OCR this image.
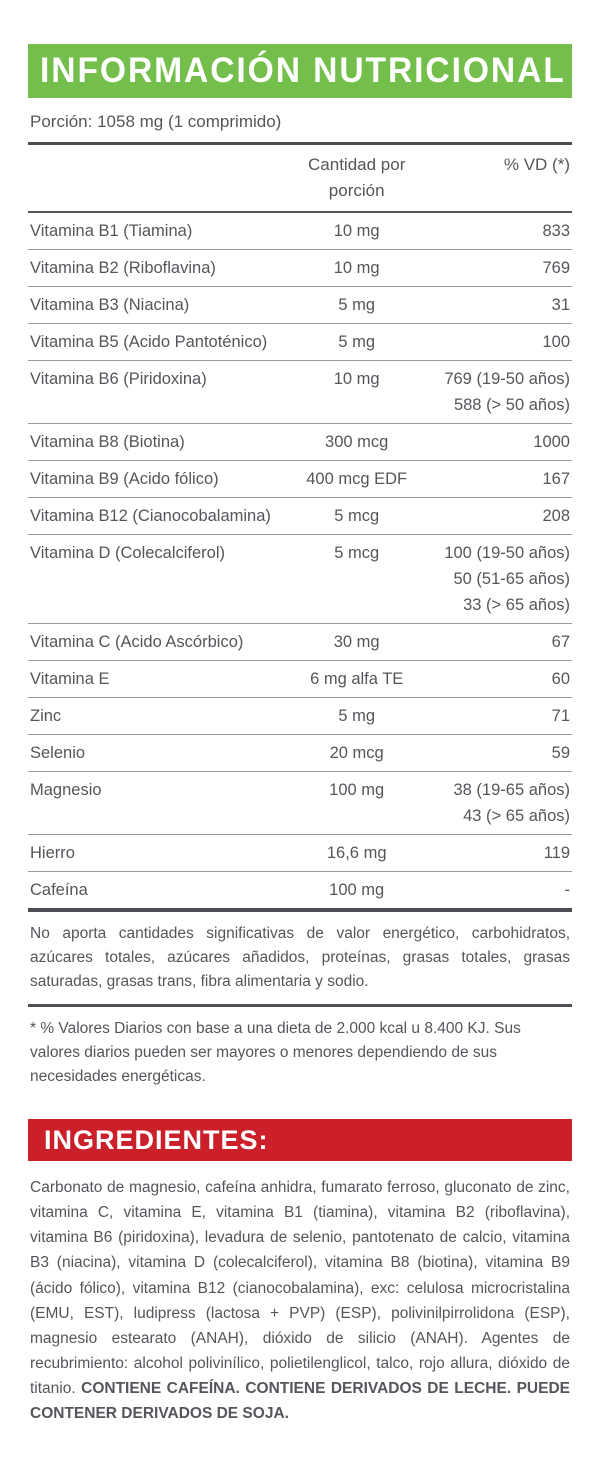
INFORMACIÓN NUTRICIONAL
Porción: 1058 mg (1 comprimido)
Cantidad por porción
% VD (*)
Vitamina B1 (Tiamina)	10 mg	833
Vitamina B2 (Riboflavina)	10 mg	769
Vitamina B3 (Niacina)	5 mg	31
Vitamina B5 (Acido Pantoténico)	5 mg	100
Vitamina B6 (Piridoxina)	10 mg	769 (19-50 años)
588 (> 50 años)
Vitamina B8 (Biotina)	300 mcg	1000
Vitamina B9 (Acido fólico)	400 mcg EDF	167
Vitamina B12 (Cianocobalamina)	5 mcg	208
Vitamina D (Colecalciferol)	5 mcg	100 (19-50 años)
50 (51-65 años)
33 (> 65 años)
Vitamina C (Acido Ascórbico)	30 mg	67
Vitamina E	6 mg alfa TE	60
Zinc	5 mg	71
Selenio	20 mcg	59
Magnesio	100 mg	38 (19-65 años)
43 (> 65 años)
Hierro	16,6 mg	119
Cafeína	100 mg	-

No aporta cantidades significativas de valor energético, carbohidratos, azúcares totales, azúcares añadidos, proteínas, grasas totales, grasas saturadas, grasas trans, fibra alimentaria y sodio.

* % Valores Diarios con base a una dieta de 2.000 kcal u 8.400 KJ. Sus valores diarios pueden ser mayores o menores dependiendo de sus necesidades energéticas.

INGREDIENTES:

Carbonato de magnesio, cafeína anhidra, fumarato ferroso, gluconato de zinc, vitamina C, vitamina E, vitamina B1 (tiamina), vitamina B2 (riboflavina), vitamina B6 (piridoxina), levadura de selenio, pantotenato de calcio, vitamina B3 (niacina), vitamina D (colecalciferol), vitamina B8 (biotina), vitamina B9 (ácido fólico), vitamina B12 (cianocobalamina), exc: celulosa microcristalina (EMU, EST), ludipress (lactosa + PVP) (ESP), polivinilpirrolidona (ESP), magnesio estearato (ANAH), dióxido de silicio (ANAH). Agentes de recubrimiento: alcohol polivinílico, polietilenglicol, talco, rojo allura, dióxido de titanio. CONTIENE CAFEÍNA. CONTIENE DERIVADOS DE LECHE. PUEDE CONTENER DERIVADOS DE SOJA.
